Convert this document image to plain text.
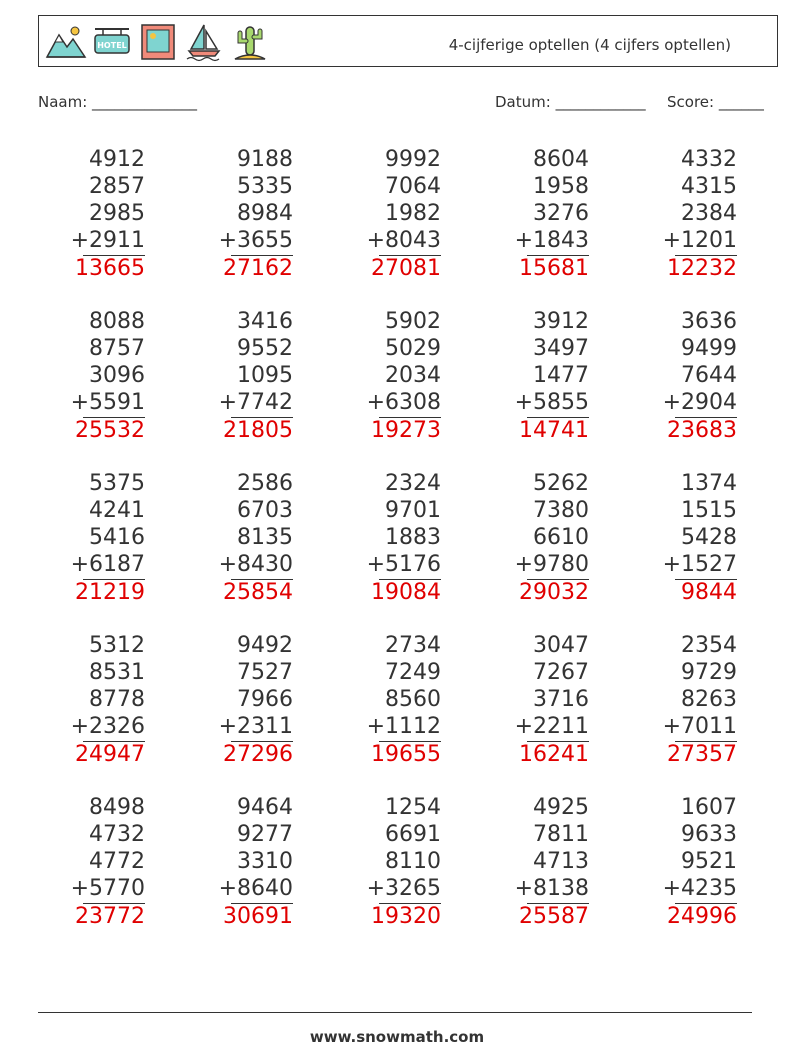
HOTEL	4-cijferige optellen (4 cijfers optellen)
Naam: ______________	Datum: ____________ Score: ______
4912
2857
2985
+2911
13665
9188
5335
8984
+3655
27162
9992
7064
1982
+8043
27081
8604
1958
3276
+1843
15681
4332
4315
2384
+1201
12232
8088
8757
3096
+5591
25532
3416
9552
1095
+7742
21805
5902
5029
2034
+6308
19273
3912
3497
1477
+5855
14741
3636
9499
7644
+2904
23683
5375
4241
5416
+6187
21219
2586
6703
8135
+8430
25854
2324
9701
1883
+5176
19084
5262
7380
6610
+9780
29032
1374
1515
5428
+1527
9844
5312
8531
8778
+2326
24947
9492
7527
7966
+2311
27296
2734
7249
8560
+1112
19655
3047
7267
3716
+2211
16241
2354
9729
8263
+7011
27357
8498
4732
4772
+5770
23772
9464
9277
3310
+8640
30691
1254
6691
8110
+3265
19320
4925
7811
4713
+8138
25587
1607
9633
9521
+4235
24996
www.snowmath.com
